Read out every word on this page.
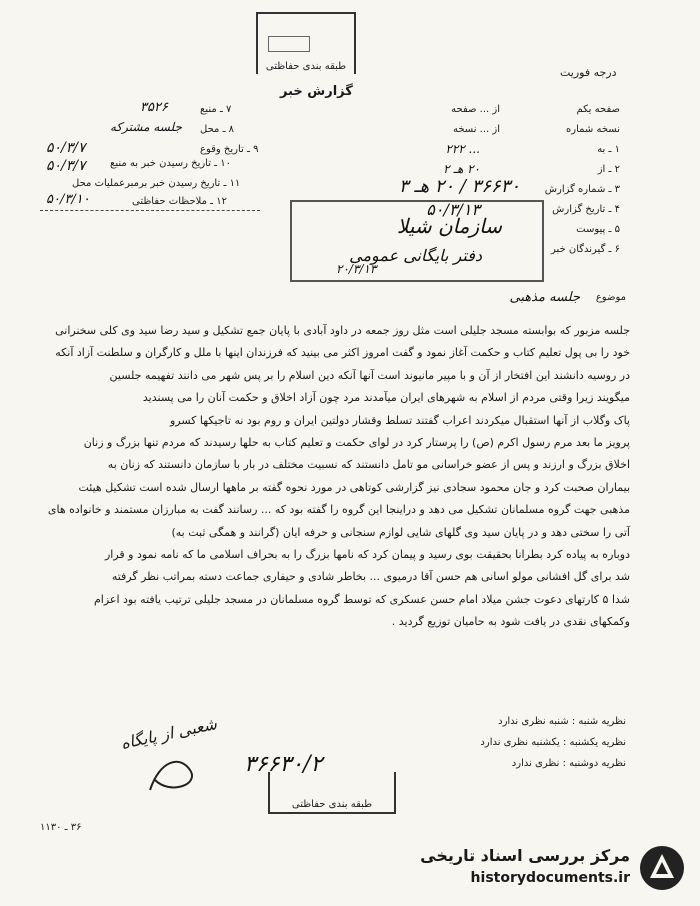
طبقه بندی حفاظتی	درجه فوریت
گزارش خبر
صفحه یکم
از ... صفحه
نسخه شماره
از ... نسخه
۱ ـ به
۲۲۲ ...
۲ ـ از
۲۰ هـ ۲
۳ ـ شماره گزارش
۳۶۶۳۰ / ۲۰ هـ ۳
۴ ـ تاریخ گزارش
۵۰/۳/۱۳
۵ ـ پیوست
۶ ـ گیرندگان خبر
۷ ـ منبع
۳۵۲۶
۸ ـ محل
جلسه مشترکه
۹ ـ تاریخ وقوع
۵۰/۳/۷
۱۰ ـ تاریخ رسیدن خبر به منبع
۵۰/۳/۷
۱۱ ـ تاریخ رسیدن خبر برمبرعملیات محل
۱۲ ـ ملاحظات حفاظتی
۵۰/۳/۱۰
سازمان شیلا
دفتر بایگانی عمومی
۲۰/۳/۱۳
موضوع
جلسه مذهبی

جلسه مزبور که بوابسته مسجد جلیلی است مثل روز جمعه در داود آبادی با پایان جمع تشکیل و سید رضا سید وی کلی سخنرانی

خود را بی پول تعلیم کتاب و حکمت آغاز نمود و گفت امروز اکثر می بینید که فرزندان اینها با ملل و کارگران و سلطنت آزاد آنکه

در روسیه دانشند این افتخار از آن و با مپیر مانیوند است آنها آنکه دین اسلام را بر پس شهر می دانند تفهیمه جلسین

میگویند زیرا وقتی مردم از اسلام به شهرهای ایران میآمدند مرد چون آزاد اخلاق و حکمت آنان را می پسندید

پاک وگلاب از آنها استقبال میکردند اعراب گفتند تسلط وقشار دولتین ایران و روم بود نه تاجیکها کسرو

پرویز ما بعد مرم رسول اکرم (ص) را پرستار کرد در لوای حکمت و تعلیم کتاب به حلها رسیدند که مردم تنها بزرگ و زنان

اخلاق بزرگ و ارزند و پس از عضو خراسانی مو تامل دانستند که نسبیت مختلف در بار با سازمان دانستند که زنان به

بیماران صحبت کرد و جان محمود سجادی نیز گزارشی کوتاهی در مورد نحوه گفته بر ماهها ارسال شده است تشکیل هیئت

مذهبی جهت گروه مسلمانان تشکیل می دهد و دراینجا این گروه را گفته بود که ... رسانند گفت به مبارزان مستمند و خانواده های

آتی را سختی دهد و در پایان سید وی گلهای شایی لوازم سنجانی و حرفه ایان (گرانند و همگی ثبت به)

دوباره به پیاده کرد بطرانا بحقیقت بوی رسید و پیمان کرد که نامها بزرگ را به بحراف اسلامی ما که نامه نمود و قرار

شد برای گل افشانی مولو اسانی هم حسن آقا درمیوی ... بخاطر شادی و حیفاری جماعت دسته بمراتب نظر گرفته

شدا ۵ کارتهای دعوت جشن میلاد امام حسن عسکری که توسط گروه مسلمانان در مسجد جلیلی ترتیب یافته بود اعزام

وکمکهای نقدی در یافت شود به حامیان توزیع گردید .

نظریه شنبه : شنبه نظری ندارد
نظریه یکشنبه : یکشنبه نظری ندارد
نظریه دوشنبه : نظری ندارد
شعبی از پایگاه
۳۶۶۳۰/۲
طبقه بندی حفاظتی
۳۶ ـ ۱۱۳۰
مرکز بررسی اسناد تاریخی
historydocuments.ir
